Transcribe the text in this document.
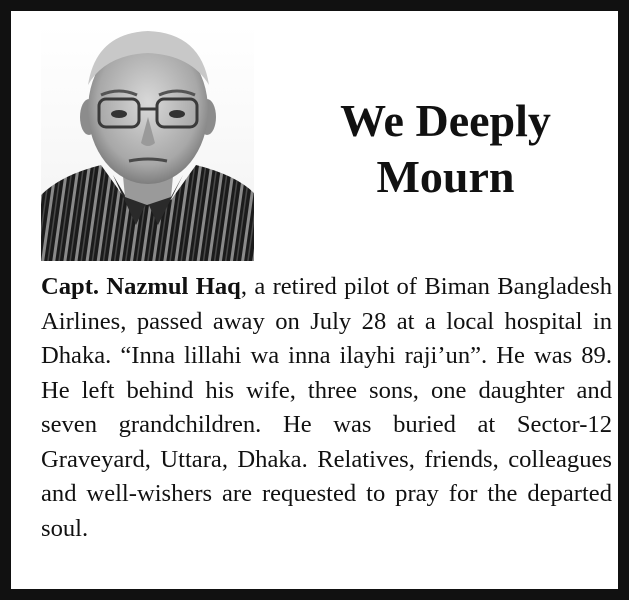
We Deeply
Mourn

Capt. Nazmul Haq, a retired pilot of Biman Bangladesh Airlines, passed away on July 28 at a local hospital in Dhaka. “Inna lillahi wa inna ilayhi raji’un”. He was 89. He left behind his wife, three sons, one daughter and seven grandchildren. He was buried at Sector-12 Graveyard, Uttara, Dhaka. Relatives, friends, colleagues and well-wishers are requested to pray for the departed soul.
